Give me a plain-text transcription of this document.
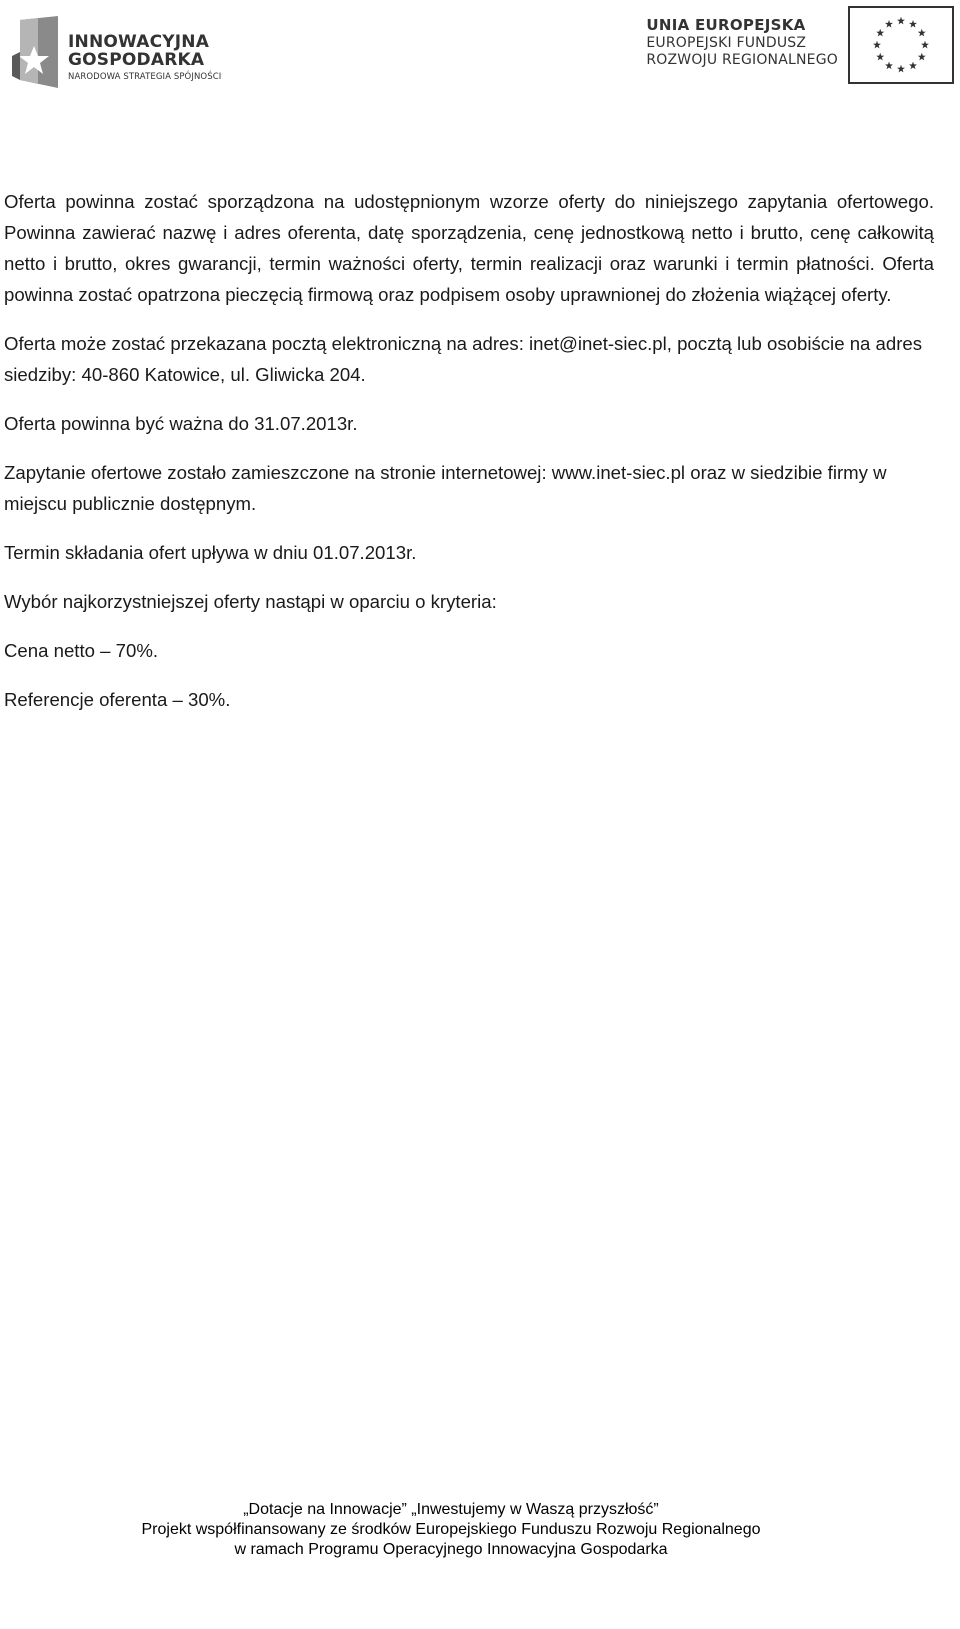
INNOWACYJNA
GOSPODARKA
NARODOWA STRATEGIA SPÓJNOŚCI
UNIA EUROPEJSKA
EUROPEJSKI FUNDUSZ
ROZWOJU REGIONALNEGO

Oferta powinna zostać sporządzona na udostępnionym wzorze oferty do niniejszego zapytania ofertowego. Powinna zawierać nazwę i adres oferenta, datę sporządzenia, cenę jednostkową netto i brutto, cenę całkowitą netto i brutto, okres gwarancji, termin ważności oferty, termin realizacji oraz warunki i termin płatności. Oferta powinna zostać opatrzona pieczęcią firmową oraz podpisem osoby uprawnionej do złożenia wiążącej oferty.

Oferta może zostać przekazana pocztą elektroniczną na adres: inet@inet-siec.pl, pocztą lub osobiście na adres siedziby: 40-860 Katowice, ul. Gliwicka 204.

Oferta powinna być ważna do 31.07.2013r.

Zapytanie ofertowe zostało zamieszczone na stronie internetowej: www.inet-siec.pl oraz w siedzibie firmy w miejscu publicznie dostępnym.

Termin składania ofert upływa w dniu 01.07.2013r.

Wybór najkorzystniejszej oferty nastąpi w oparciu o kryteria:

Cena netto – 70%.

Referencje oferenta – 30%.

„Dotacje na Innowacje” „Inwestujemy w Waszą przyszłość”
Projekt współfinansowany ze środków Europejskiego Funduszu Rozwoju Regionalnego
w ramach Programu Operacyjnego Innowacyjna Gospodarka
